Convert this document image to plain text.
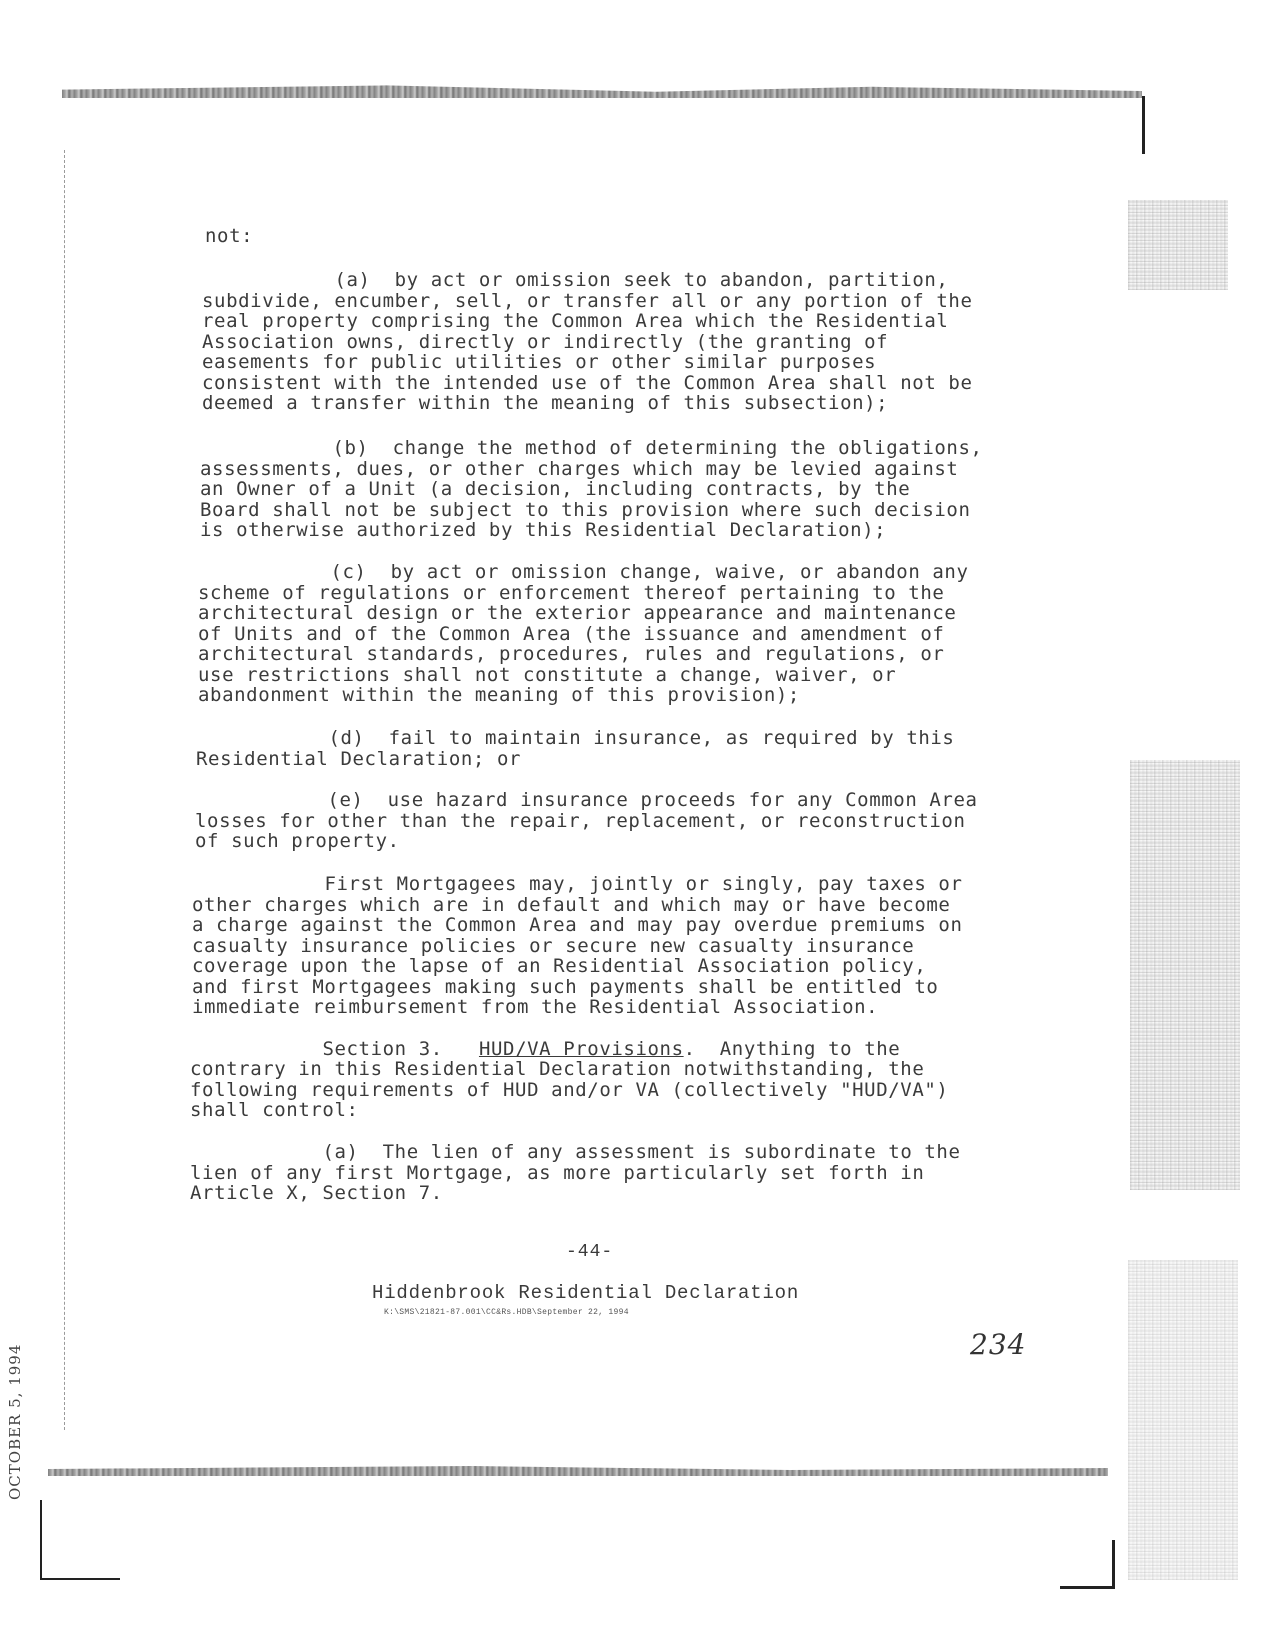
not:
(a) by act or omission seek to abandon, partition,
subdivide, encumber, sell, or transfer all or any portion of the
real property comprising the Common Area which the Residential
Association owns, directly or indirectly (the granting of
easements for public utilities or other similar purposes
consistent with the intended use of the Common Area shall not be
deemed a transfer within the meaning of this subsection);
(b) change the method of determining the obligations,
assessments, dues, or other charges which may be levied against
an Owner of a Unit (a decision, including contracts, by the
Board shall not be subject to this provision where such decision
is otherwise authorized by this Residential Declaration);
(c) by act or omission change, waive, or abandon any
scheme of regulations or enforcement thereof pertaining to the
architectural design or the exterior appearance and maintenance
of Units and of the Common Area (the issuance and amendment of
architectural standards, procedures, rules and regulations, or
use restrictions shall not constitute a change, waiver, or
abandonment within the meaning of this provision);
(d) fail to maintain insurance, as required by this
Residential Declaration; or
(e) use hazard insurance proceeds for any Common Area
losses for other than the repair, replacement, or reconstruction
of such property.
First Mortgagees may, jointly or singly, pay taxes or
other charges which are in default and which may or have become
a charge against the Common Area and may pay overdue premiums on
casualty insurance policies or secure new casualty insurance
coverage upon the lapse of an Residential Association policy,
and first Mortgagees making such payments shall be entitled to
immediate reimbursement from the Residential Association.
Section 3. HUD/VA Provisions.  Anything to the
contrary in this Residential Declaration notwithstanding, the
following requirements of HUD and/or VA (collectively "HUD/VA")
shall control:
(a) The lien of any assessment is subordinate to the
lien of any first Mortgage, as more particularly set forth in
Article X, Section 7.
-44-
Hiddenbrook Residential Declaration
K:\SMS\21821-87.001\CC&Rs.HDB\September 22, 1994
234
OCTOBER 5, 1994
